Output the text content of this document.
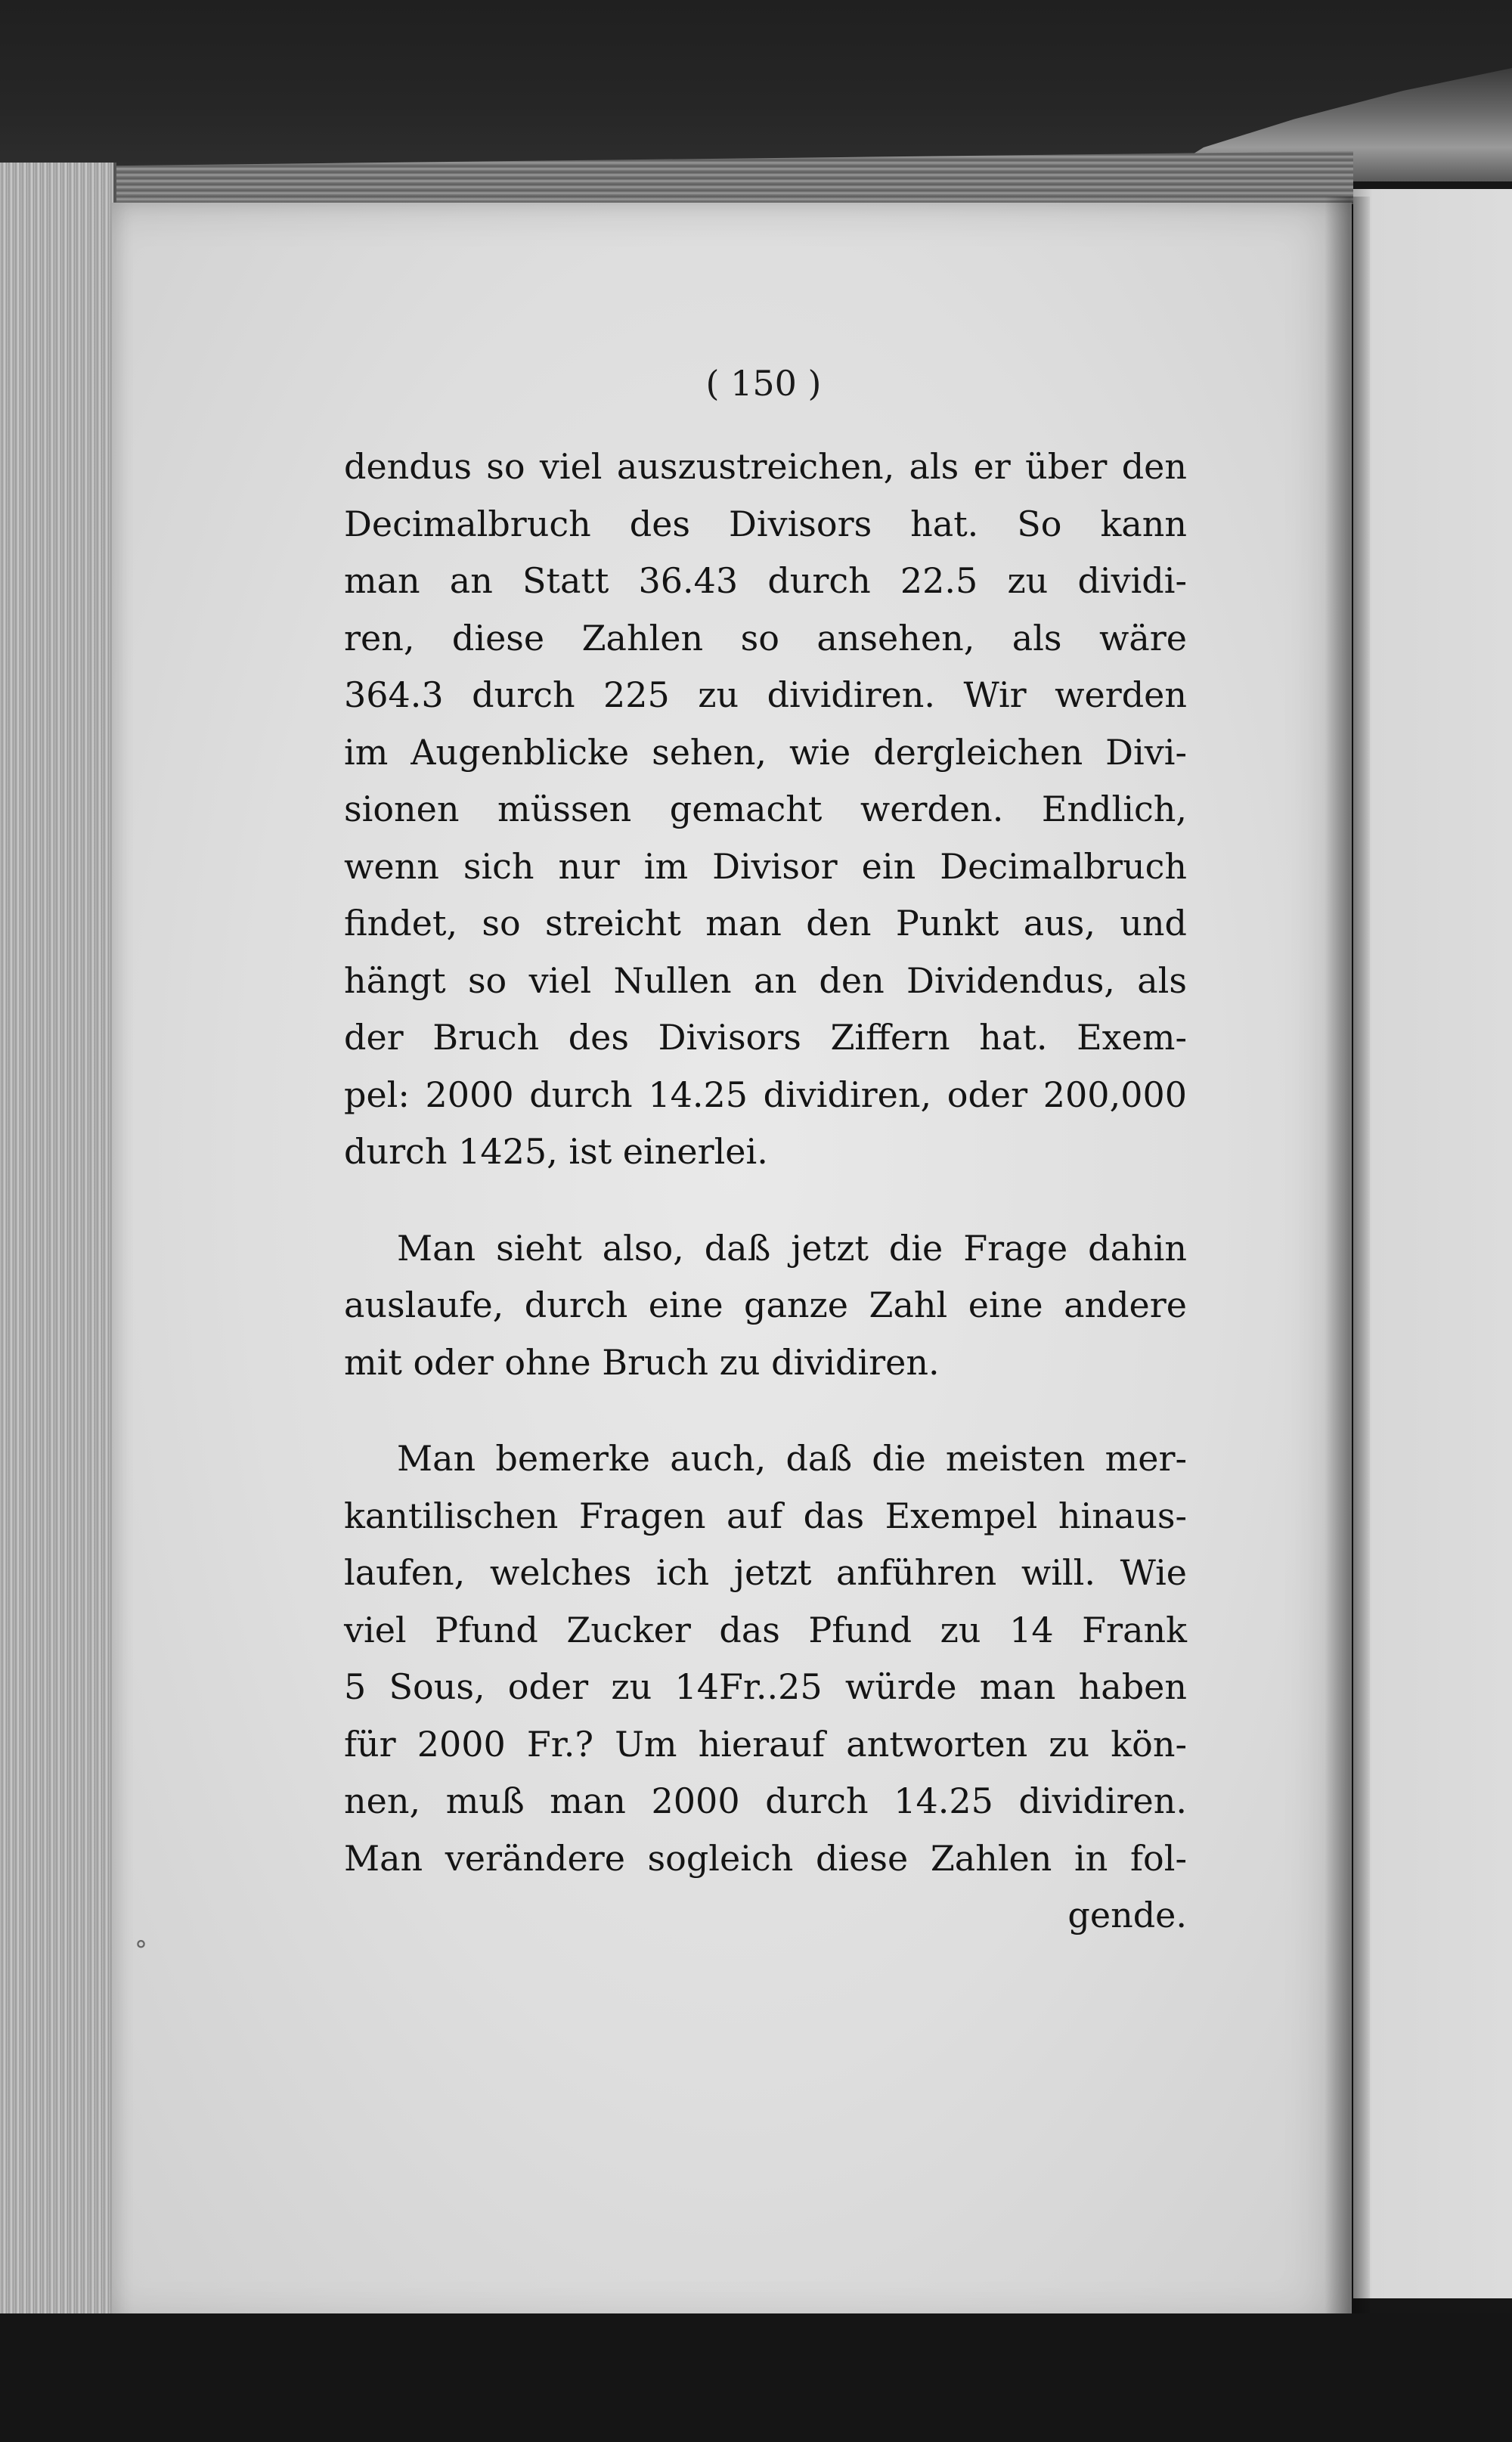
( 150 )
dendus so viel auszustreichen, als er über den
Decimalbruch des Divisors hat. So kann
man an Statt 36.43 durch 22.5 zu dividi-
ren, diese Zahlen so ansehen, als wäre
364.3 durch 225 zu dividiren. Wir werden
im Augenblicke sehen, wie dergleichen Divi-
sionen müssen gemacht werden. Endlich,
wenn sich nur im Divisor ein Decimalbruch
findet, so streicht man den Punkt aus, und
hängt so viel Nullen an den Dividendus, als
der Bruch des Divisors Ziffern hat. Exem-
pel: 2000 durch 14.25 dividiren, oder 200,000
durch 1425, ist einerlei.
Man sieht also, daß jetzt die Frage dahin
auslaufe, durch eine ganze Zahl eine andere
mit oder ohne Bruch zu dividiren.
Man bemerke auch, daß die meisten mer-
kantilischen Fragen auf das Exempel hinaus-
laufen, welches ich jetzt anführen will. Wie
viel Pfund Zucker das Pfund zu 14 Frank
5 Sous, oder zu 14Fr..25 würde man haben
für 2000 Fr.? Um hierauf antworten zu kön-
nen, muß man 2000 durch 14.25 dividiren.
Man verändere sogleich diese Zahlen in fol-
gende.
°
